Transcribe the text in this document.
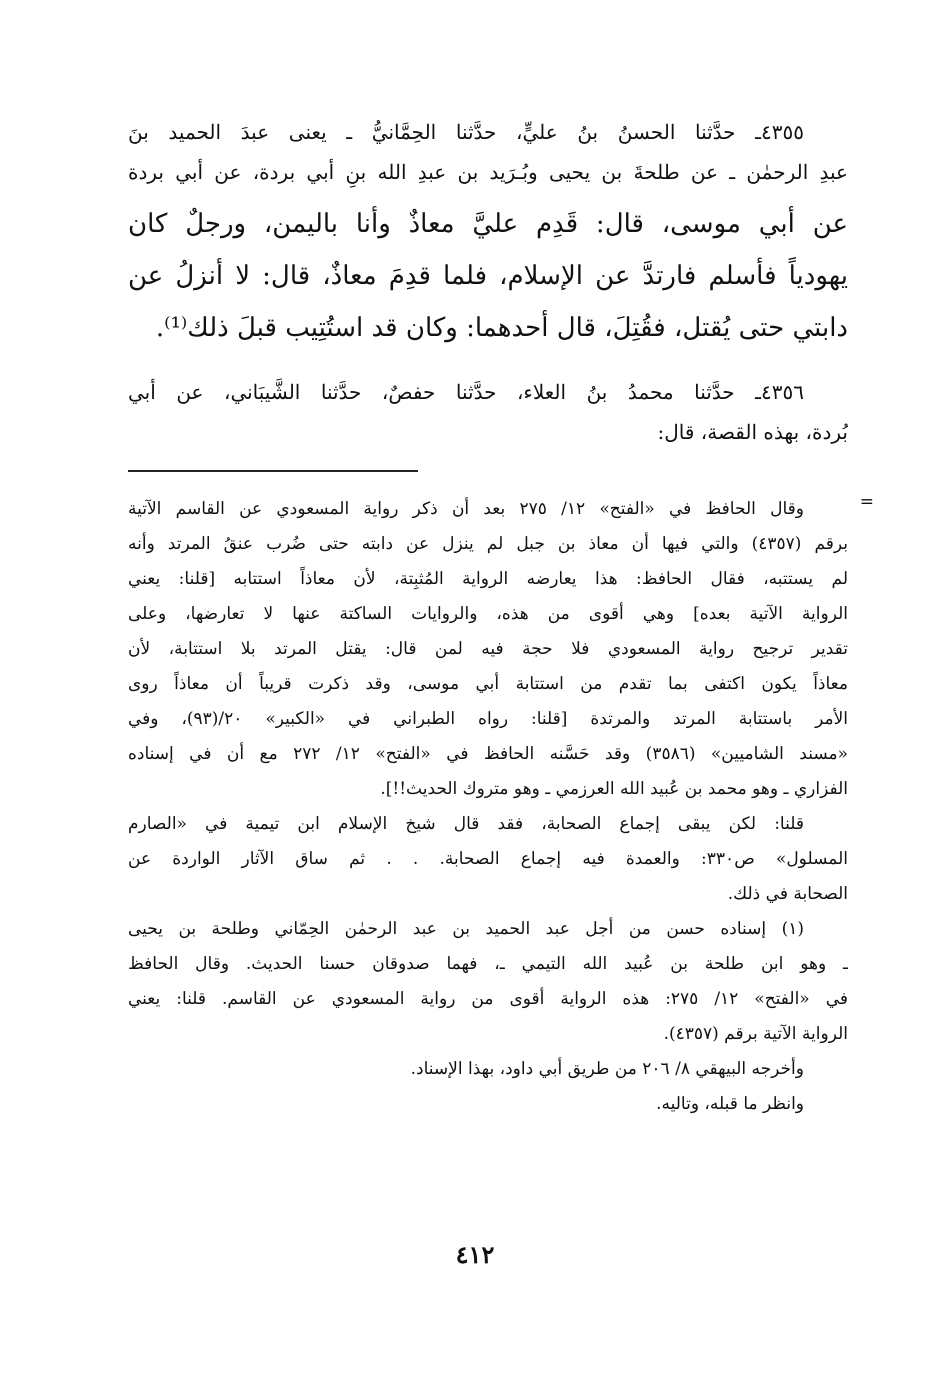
٤٣٥٥ـ حدَّثنا الحسنُ بنُ عليٍّ، حدَّثنا الحِمَّانيُّ ـ يعنى عبدَ الحميد بنَ
عبدِ الرحمٰن ـ عن طلحةَ بن يحيى وبُـرَيد بن عبدِ الله بنِ أبي بردة، عن أبي بردة
عن أبي موسى، قال: قَدِم عليَّ معاذٌ وأنا باليمن، ورجلٌ كان
يهودياً فأسلم فارتدَّ عن الإسلام، فلما قدِمَ معاذٌ، قال: لا أنزلُ عن
دابتي حتى يُقتل، فقُتِلَ، قال أحدهما: وكان قد استُتِيب قبلَ ذلك⁽¹⁾.
٤٣٥٦ـ حدَّثنا محمدُ بنُ العلاء، حدَّثنا حفصٌ، حدَّثنا الشَّيبَاني، عن أبي
بُردة، بهذه القصة، قال:
=
وقال الحافظ في «الفتح» ١٢/ ٢٧٥ بعد أن ذكر رواية المسعودي عن القاسم الآتية
برقم (٤٣٥٧) والتي فيها أن معاذ بن جبل لم ينزل عن دابته حتى ضُرب عنقُ المرتد وأنه
لم يستتبه، فقال الحافظ: هذا يعارضه الرواية المُثبِتة، لأن معاذاً استتابه [قلنا: يعني
الرواية الآتية بعده] وهي أقوى من هذه، والروايات الساكتة عنها لا تعارضها، وعلى
تقدير ترجيح رواية المسعودي فلا حجة فيه لمن قال: يقتل المرتد بلا استتابة، لأن
معاذاً يكون اكتفى بما تقدم من استتابة أبي موسى، وقد ذكرت قريباً أن معاذاً روى
الأمر باستتابة المرتد والمرتدة [قلنا: رواه الطبراني في «الكبير» ٢٠/(٩٣)، وفي
«مسند الشاميين» (٣٥٨٦) وقد حَسَّنه الحافظ في «الفتح» ١٢/ ٢٧٢ مع أن في إسناده
الفزاري ـ وهو محمد بن عُبيد الله العرزمي ـ وهو متروك الحديث!!].
قلنا: لكن يبقى إجماع الصحابة، فقد قال شيخ الإسلام ابن تيمية في «الصارم
المسلول» ص٣٣٠: والعمدة فيه إجماع الصحابة. . . ثم ساق الآثار الواردة عن
الصحابة في ذلك.
(١) إسناده حسن من أجل عبد الحميد بن عبد الرحمٰن الحِمّاني وطلحة بن يحيى
ـ وهو ابن طلحة بن عُبيد الله التيمي ـ، فهما صدوقان حسنا الحديث. وقال الحافظ
في «الفتح» ١٢/ ٢٧٥: هذه الرواية أقوى من رواية المسعودي عن القاسم. قلنا: يعني
الرواية الآتية برقم (٤٣٥٧).
وأخرجه البيهقي ٨/ ٢٠٦ من طريق أبي داود، بهذا الإسناد.
وانظر ما قبله، وتاليه.
٤١٢
